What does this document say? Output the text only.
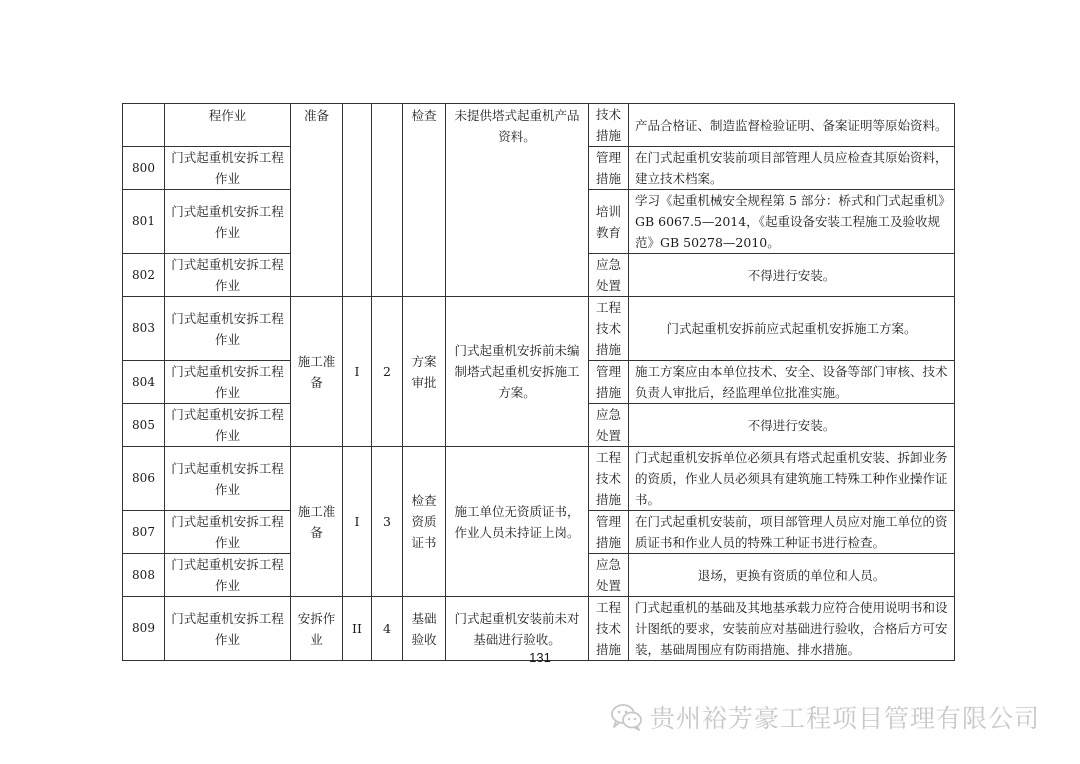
	程作业	准备			检查	未提供塔式起重机产品资料。	技术措施	产品合格证、制造监督检验证明、备案证明等原始资料。
800	门式起重机安拆工程作业						管理措施	在门式起重机安装前项目部管理人员应检查其原始资料，建立技术档案。
801	门式起重机安拆工程作业						培训教育	学习《起重机械安全规程第 5 部分：桥式和门式起重机》GB 6067.5—2014，《起重设备安装工程施工及验收规范》GB 50278—2010。
802	门式起重机安拆工程作业						应急处置	不得进行安装。
803	门式起重机安拆工程作业	施工准备	I	2	方案审批	门式起重机安拆前未编制塔式起重机安拆施工方案。	工程技术措施	门式起重机安拆前应式起重机安拆施工方案。
804	门式起重机安拆工程作业						管理措施	施工方案应由本单位技术、安全、设备等部门审核、技术负责人审批后，经监理单位批准实施。
805	门式起重机安拆工程作业						应急处置	不得进行安装。
806	门式起重机安拆工程作业	施工准备	I	3	检查资质证书	施工单位无资质证书，作业人员未持证上岗。	工程技术措施	门式起重机安拆单位必须具有塔式起重机安装、拆卸业务的资质，作业人员必须具有建筑施工特殊工种作业操作证书。
807	门式起重机安拆工程作业						管理措施	在门式起重机安装前，项目部管理人员应对施工单位的资质证书和作业人员的特殊工种证书进行检查。
808	门式起重机安拆工程作业						应急处置	退场，更换有资质的单位和人员。
809	门式起重机安拆工程作业	安拆作业	II	4	基础验收	门式起重机安装前未对基础进行验收。	工程技术措施	门式起重机的基础及其地基承载力应符合使用说明书和设计图纸的要求，安装前应对基础进行验收，合格后方可安装，基础周围应有防雨措施、排水措施。
131
贵州裕芳豪工程项目管理有限公司
